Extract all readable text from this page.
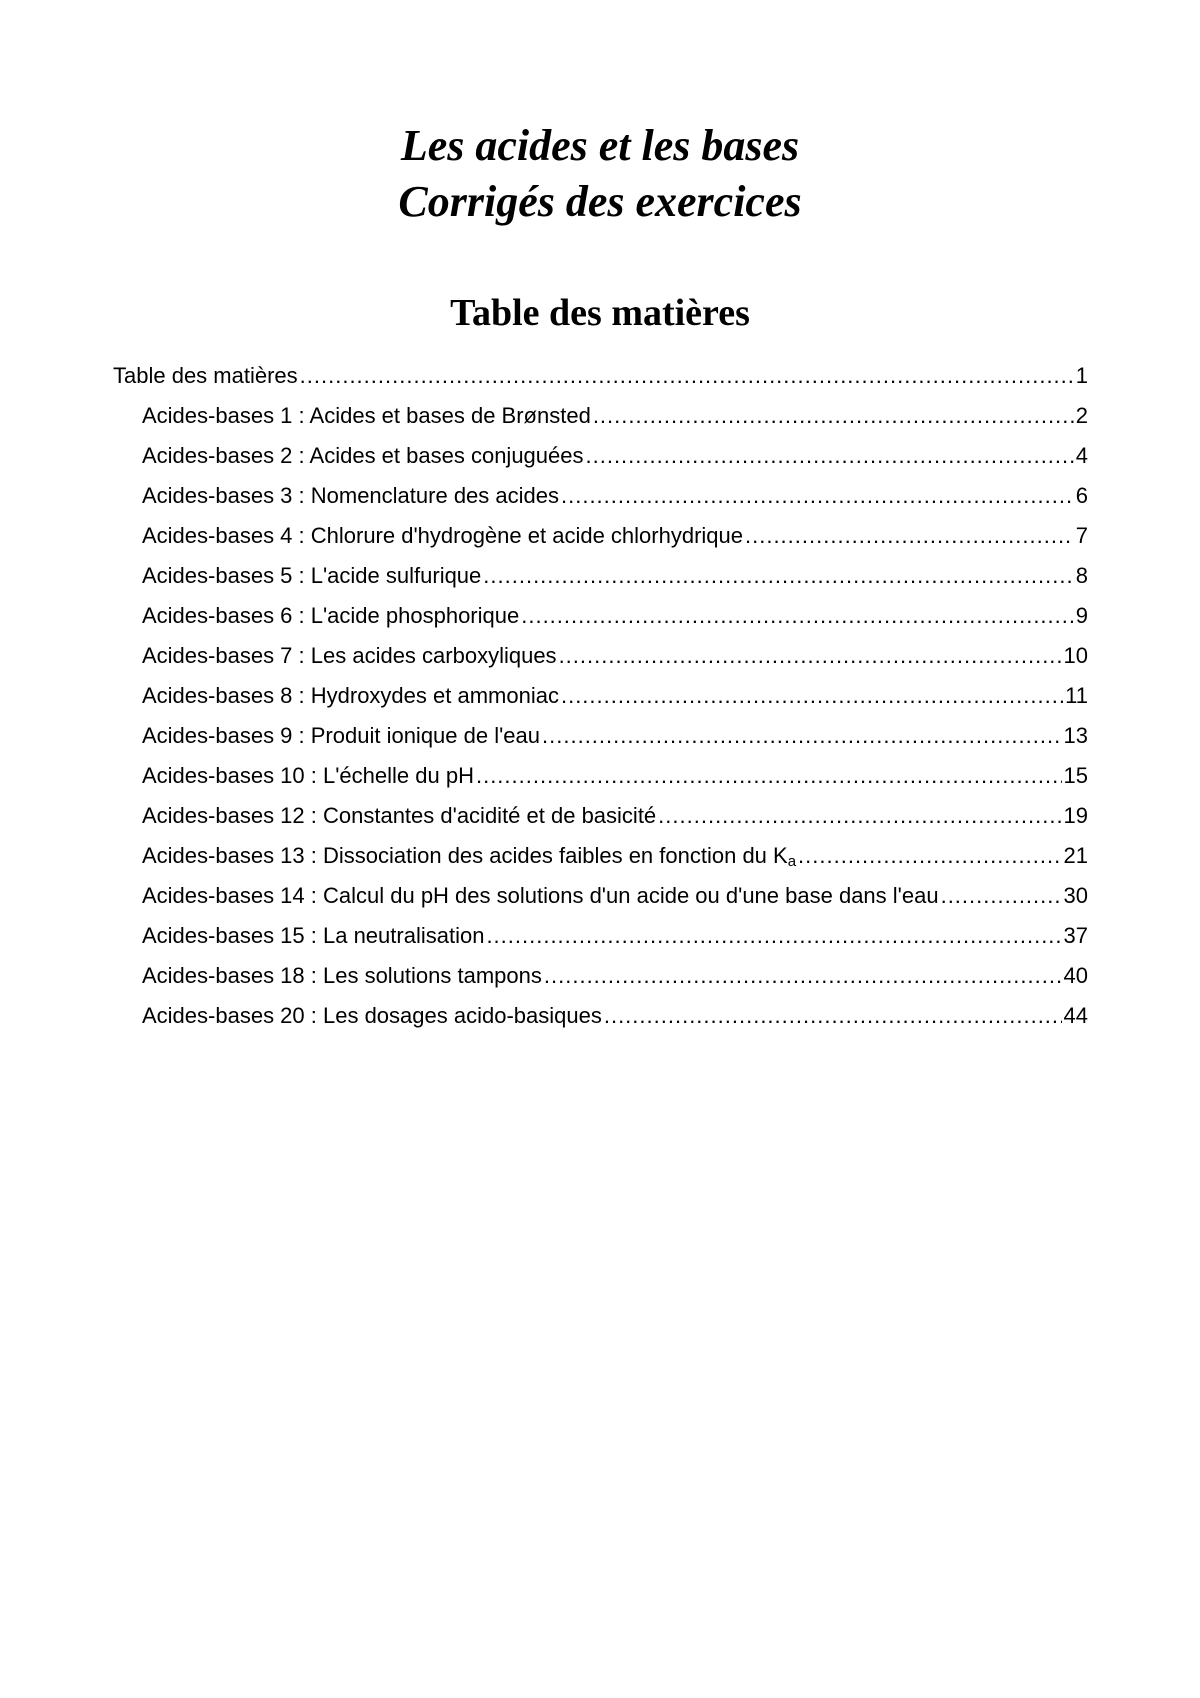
Les acides et les bases
Corrigés des exercices
Table des matières
Table des matières .....	1
Acides-bases 1 : Acides et bases de Brønsted .....	2
Acides-bases 2 : Acides et bases conjuguées .....	4
Acides-bases 3 : Nomenclature des acides .....	6
Acides-bases 4 : Chlorure d'hydrogène et acide chlorhydrique .....	7
Acides-bases 5 : L'acide sulfurique .....	8
Acides-bases 6 : L'acide phosphorique .....	9
Acides-bases 7 : Les acides carboxyliques .....	10
Acides-bases 8 : Hydroxydes et ammoniac .....	11
Acides-bases 9 : Produit ionique de l'eau .....	13
Acides-bases 10 : L'échelle du pH .....	15
Acides-bases 12 : Constantes d'acidité et de basicité .....	19
Acides-bases 13 : Dissociation des acides faibles en fonction du $K_a$ .....	21
Acides-bases 14 : Calcul du pH des solutions d'un acide ou d'une base dans l'eau .....	30
Acides-bases 15 : La neutralisation .....	37
Acides-bases 18 : Les solutions tampons .....	40
Acides-bases 20 : Les dosages acido-basiques .....	44
